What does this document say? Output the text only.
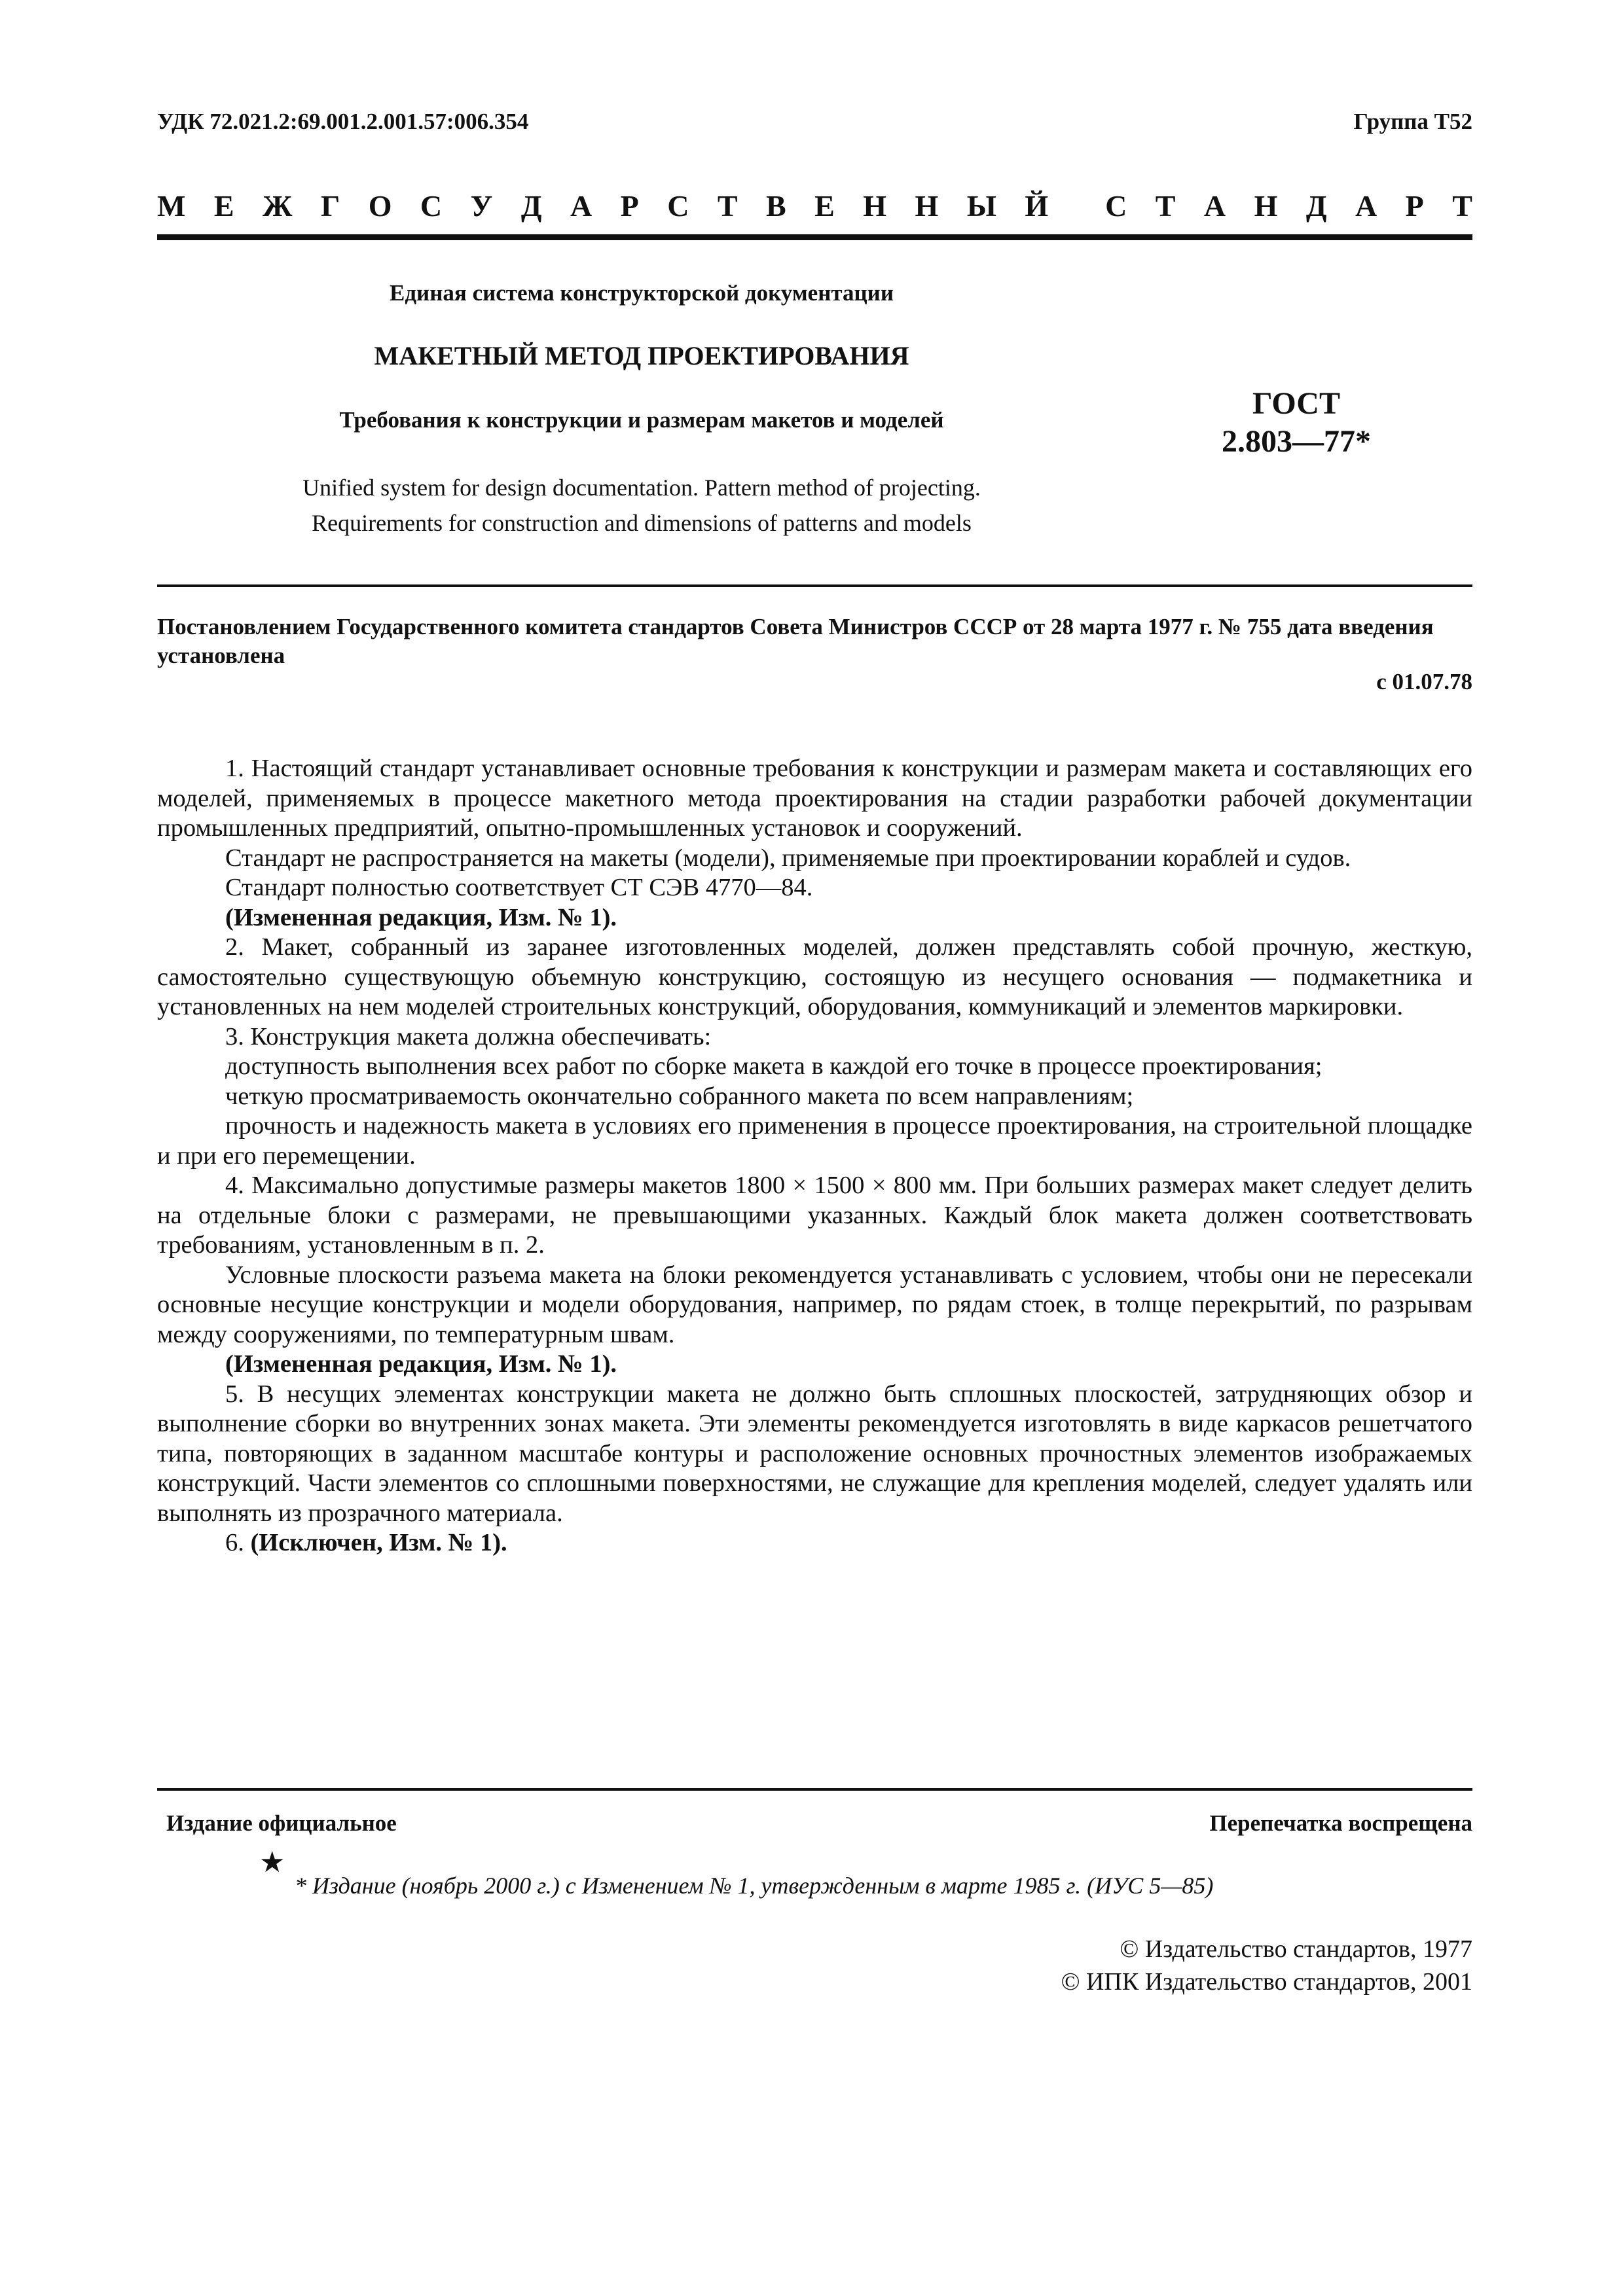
УДК 72.021.2:69.001.2.001.57:006.354	Группа Т52
М Е Ж Г О С У Д А Р С Т В Е Н Н Ы Й С Т А Н Д А Р Т
Единая система конструкторской документации
МАКЕТНЫЙ МЕТОД ПРОЕКТИРОВАНИЯ
Требования к конструкции и размерам макетов и моделей
Unified system for design documentation. Pattern method of projecting.
Requirements for construction and dimensions of patterns and models
ГОСТ
2.803—77*
Постановлением Государственного комитета стандартов Совета Министров СССР от 28 марта 1977 г. № 755 дата введения установлена
с 01.07.78

1. Настоящий стандарт устанавливает основные требования к конструкции и размерам макета и составляющих его моделей, применяемых в процессе макетного метода проектирования на стадии разработки рабочей документации промышленных предприятий, опытно-промышленных установок и сооружений.

Стандарт не распространяется на макеты (модели), применяемые при проектировании кораблей и судов.

Стандарт полностью соответствует СТ СЭВ 4770—84.

(Измененная редакция, Изм. № 1).

2. Макет, собранный из заранее изготовленных моделей, должен представлять собой прочную, жесткую, самостоятельно существующую объемную конструкцию, состоящую из несущего основания — подмакетника и установленных на нем моделей строительных конструкций, оборудования, коммуникаций и элементов маркировки.

3. Конструкция макета должна обеспечивать:

доступность выполнения всех работ по сборке макета в каждой его точке в процессе проектирования;

четкую просматриваемость окончательно собранного макета по всем направлениям;

прочность и надежность макета в условиях его применения в процессе проектирования, на строительной площадке и при его перемещении.

4. Максимально допустимые размеры макетов 1800 × 1500 × 800 мм. При больших размерах макет следует делить на отдельные блоки с размерами, не превышающими указанных. Каждый блок макета должен соответствовать требованиям, установленным в п. 2.

Условные плоскости разъема макета на блоки рекомендуется устанавливать с условием, чтобы они не пересекали основные несущие конструкции и модели оборудования, например, по рядам стоек, в толще перекрытий, по разрывам между сооружениями, по температурным швам.

(Измененная редакция, Изм. № 1).

5. В несущих элементах конструкции макета не должно быть сплошных плоскостей, затрудняющих обзор и выполнение сборки во внутренних зонах макета. Эти элементы рекомендуется изготовлять в виде каркасов решетчатого типа, повторяющих в заданном масштабе контуры и расположение основных прочностных элементов изображаемых конструкций. Части элементов со сплошными поверхностями, не служащие для крепления моделей, следует удалять или выполнять из прозрачного материала.

6. (Исключен, Изм. № 1).

Издание официальное	Перепечатка воспрещена
★
* Издание (ноябрь 2000 г.) с Изменением № 1, утвержденным в марте 1985 г. (ИУС 5—85)
© Издательство стандартов, 1977
© ИПК Издательство стандартов, 2001
